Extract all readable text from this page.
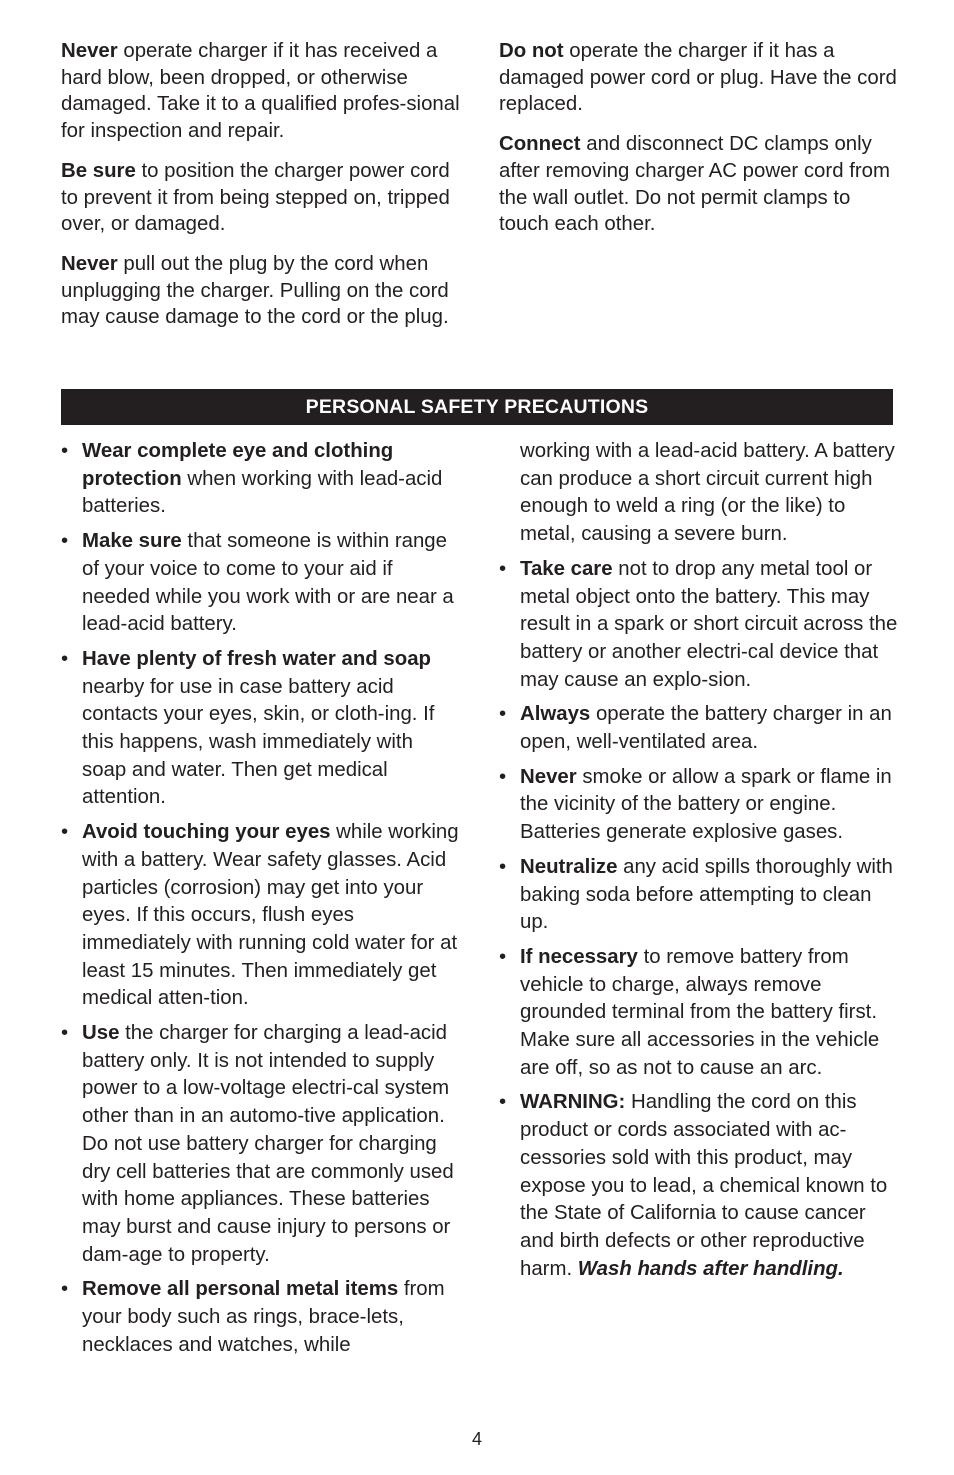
Never operate charger if it has received a hard blow, been dropped, or otherwise damaged. Take it to a qualified profes-sional for inspection and repair.

Be sure to position the charger power cord to prevent it from being stepped on, tripped over, or damaged.

Never pull out the plug by the cord when unplugging the charger. Pulling on the cord may cause damage to the cord or the plug.

Do not operate the charger if it has a damaged power cord or plug. Have the cord replaced.

Connect and disconnect DC clamps only after removing charger AC power cord from the wall outlet. Do not permit clamps to touch each other.

PERSONAL SAFETY PRECAUTIONS
• Wear complete eye and clothing protection when working with lead-acid batteries.
• Make sure that someone is within range of your voice to come to your aid if needed while you work with or are near a lead-acid battery.
• Have plenty of fresh water and soap nearby for use in case battery acid contacts your eyes, skin, or cloth-ing. If this happens, wash immediately with soap and water. Then get medical attention.
• Avoid touching your eyes while working with a battery. Wear safety glasses. Acid particles (corrosion) may get into your eyes. If this occurs, flush eyes immediately with running cold water for at least 15 minutes. Then immediately get medical atten-tion.
• Use the charger for charging a lead-acid battery only. It is not intended to supply power to a low-voltage electri-cal system other than in an automo-tive application. Do not use battery charger for charging dry cell batteries that are commonly used with home appliances. These batteries may burst and cause injury to persons or dam-age to property.
• Remove all personal metal items from your body such as rings, brace-lets, necklaces and watches, while
working with a lead-acid battery. A battery can produce a short circuit current high enough to weld a ring (or the like) to metal, causing a severe burn.
• Take care not to drop any metal tool or metal object onto the battery. This may result in a spark or short circuit across the battery or another electri-cal device that may cause an explo-sion.
• Always operate the battery charger in an open, well-ventilated area.
• Never smoke or allow a spark or flame in the vicinity of the battery or engine. Batteries generate explosive gases.
• Neutralize any acid spills thoroughly with baking soda before attempting to clean up.
• If necessary to remove battery from vehicle to charge, always remove grounded terminal from the battery first. Make sure all accessories in the vehicle are off, so as not to cause an arc.
• WARNING: Handling the cord on this product or cords associated with ac-cessories sold with this product, may expose you to lead, a chemical known to the State of California to cause cancer and birth defects or other reproductive harm. Wash hands after handling.
4
